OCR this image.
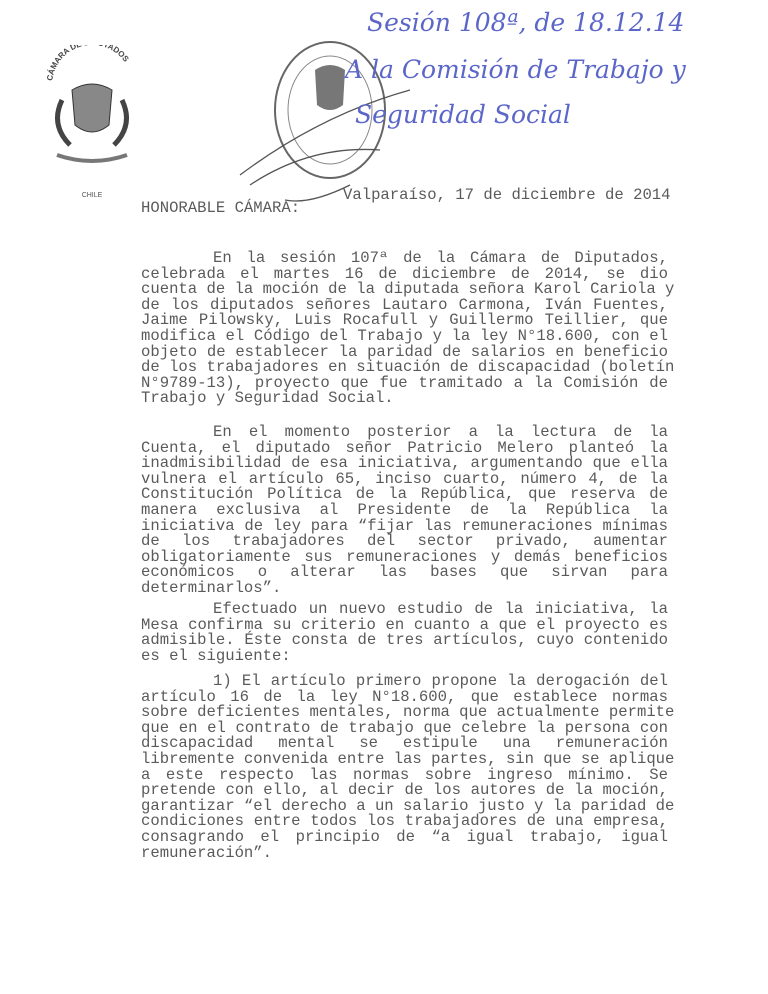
CÁMARA D ADOS
CHILE
Sesión 108ª, de 18.12.14
A la Comisión de Trabajo y
Seguridad Social
Valparaíso, 17 de diciembre de 2014
HONORABLE CÁMARA:
En la sesión 107ª de la Cámara de Diputados,
celebrada el martes 16 de diciembre de 2014, se dio
cuenta de la moción de la diputada señora Karol Cariola y
de los diputados señores Lautaro Carmona, Iván Fuentes,
Jaime Pilowsky, Luis Rocafull y Guillermo Teillier, que
modifica el Código del Trabajo y la ley N°18.600, con el
objeto de establecer la paridad de salarios en beneficio
de los trabajadores en situación de discapacidad (boletín
N°9789-13), proyecto que fue tramitado a la Comisión de
Trabajo y Seguridad Social.
En el momento posterior a la lectura de la
Cuenta, el diputado señor Patricio Melero planteó la
inadmisibilidad de esa iniciativa, argumentando que ella
vulnera el artículo 65, inciso cuarto, número 4, de la
Constitución Política de la República, que reserva de
manera exclusiva al Presidente de la República la
iniciativa de ley para “fijar las remuneraciones mínimas
de los trabajadores del sector privado, aumentar
obligatoriamente sus remuneraciones y demás beneficios
económicos o alterar las bases que sirvan para
determinarlos”.
Efectuado un nuevo estudio de la iniciativa, la
Mesa confirma su criterio en cuanto a que el proyecto es
admisible. Éste consta de tres artículos, cuyo contenido
es el siguiente:
1) El artículo primero propone la derogación del
artículo 16 de la ley N°18.600, que establece normas
sobre deficientes mentales, norma que actualmente permite
que en el contrato de trabajo que celebre la persona con
discapacidad mental se estipule una remuneración
libremente convenida entre las partes, sin que se aplique
a este respecto las normas sobre ingreso mínimo. Se
pretende con ello, al decir de los autores de la moción,
garantizar “el derecho a un salario justo y la paridad de
condiciones entre todos los trabajadores de una empresa,
consagrando el principio de “a igual trabajo, igual
remuneración”.
